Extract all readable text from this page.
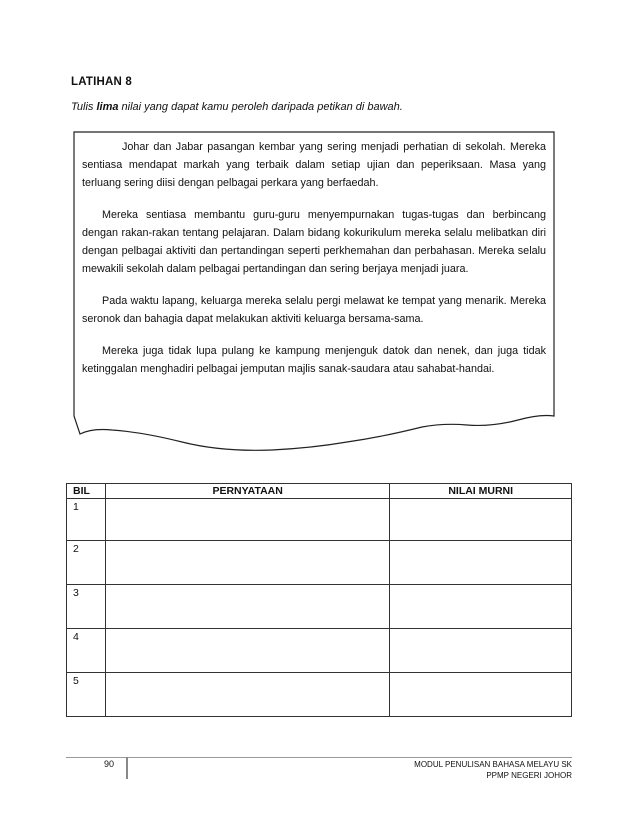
LATIHAN 8
Tulis lima nilai yang dapat kamu peroleh daripada petikan di bawah.

Johar dan Jabar pasangan kembar yang sering menjadi perhatian di sekolah. Mereka sentiasa mendapat markah yang terbaik dalam setiap ujian dan peperiksaan. Masa yang terluang sering diisi dengan pelbagai perkara yang berfaedah.

Mereka sentiasa membantu guru-guru menyempurnakan tugas-tugas dan berbincang dengan rakan-rakan tentang pelajaran. Dalam bidang kokurikulum mereka selalu melibatkan diri dengan pelbagai aktiviti dan pertandingan seperti perkhemahan dan perbahasan. Mereka selalu mewakili sekolah dalam pelbagai pertandingan dan sering berjaya menjadi juara.

Pada waktu lapang, keluarga mereka selalu pergi melawat ke tempat yang menarik. Mereka seronok dan bahagia dapat melakukan aktiviti keluarga bersama-sama.

Mereka juga tidak lupa pulang ke kampung menjenguk datok dan nenek, dan juga tidak ketinggalan menghadiri pelbagai jemputan majlis sanak-saudara atau sahabat-handai.

BIL	PERNYATAAN	NILAI MURNI
1		
2		
3		
4		
5		
90	MODUL PENULISAN BAHASA MELAYU SK
PPMP NEGERI JOHOR
